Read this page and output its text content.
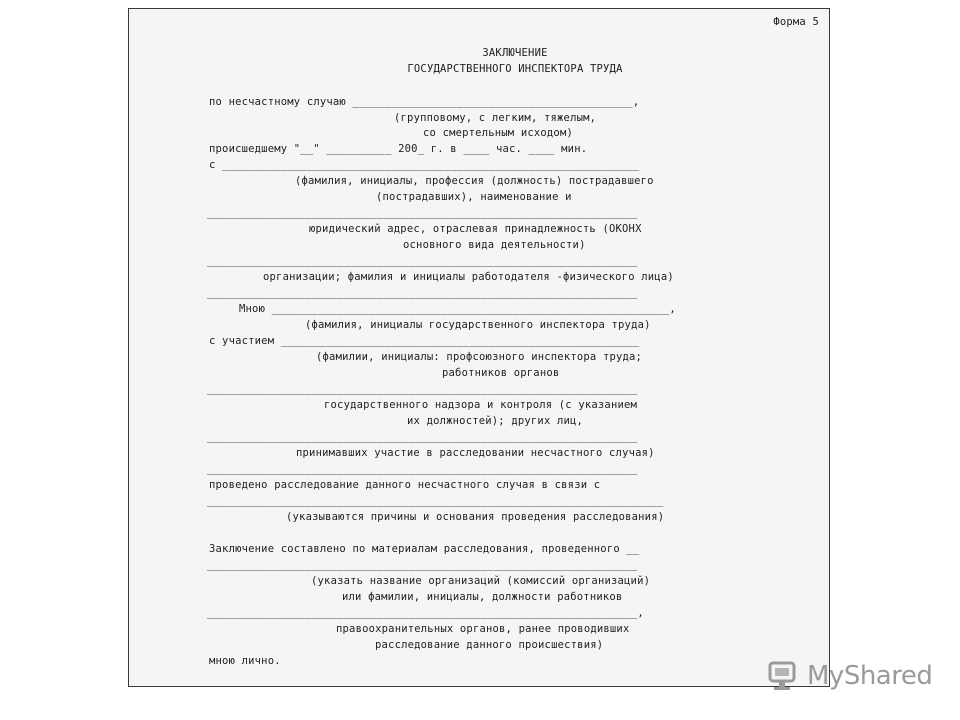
Форма 5
ЗАКЛЮЧЕНИЕ
ГОСУДАРСТВЕННОГО ИНСПЕКТОРА ТРУДА
по несчастному случаю ___________________________________________,
(групповому, с легким, тяжелым,
со смертельным исходом)
происшедшему "__" __________ 200_ г. в ____ час. ____ мин.
с ________________________________________________________________
(фамилия, инициалы, профессия (должность) пострадавшего
(пострадавших), наименование и
__________________________________________________________________
юридический адрес, отраслевая принадлежность (ОКОНХ
основного вида деятельности)
__________________________________________________________________
организации; фамилия и инициалы работодателя -физического лица)
__________________________________________________________________
Мною _____________________________________________________________,
(фамилия, инициалы государственного инспектора труда)
с участием _______________________________________________________
(фамилии, инициалы: профсоюзного инспектора труда;
работников органов
__________________________________________________________________
государственного надзора и контроля (с указанием
их должностей); других лиц,
__________________________________________________________________
принимавших участие в расследовании несчастного случая)
__________________________________________________________________
проведено расследование данного несчастного случая в связи с
______________________________________________________________________
(указываются причины и основания проведения расследования)
Заключение составлено по материалам расследования, проведенного __
__________________________________________________________________
(указать название организаций (комиссий организаций)
или фамилии, инициалы, должности работников
__________________________________________________________________,
правоохранительных органов, ранее проводивших
расследование данного происшествия)
мною лично.	MyShared
